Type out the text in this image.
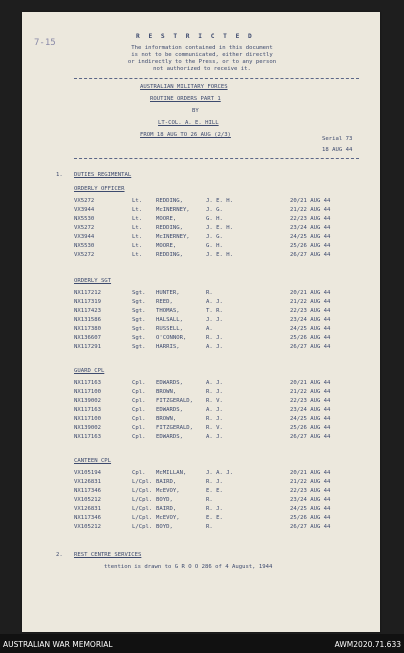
R E S T R I C T E D
The information contained in this document
is not to be communicated, either directly
or indirectly to the Press, or to any person
not authorized to receive it.
7-15
AUSTRALIAN MILITARY FORCES
ROUTINE ORDERS PART 1
BY
LT-COL. A. E. HILL
FROM 18 AUG TO 26 AUG (2/3)
Serial 73
18 AUG 44
1. DUTIES REGIMENTAL
ORDERLY OFFICER
VX5272	Lt. REDDING,	J. E. H.	20/21 AUG 44
VX3944	Lt. McINERNEY,	J. G.	21/22 AUG 44
NX5530	Lt. MOORE,	G. H.	22/23 AUG 44
VX5272	Lt. REDDING,	J. E. H.	23/24 AUG 44
VX3944	Lt. McINERNEY,	J. G.	24/25 AUG 44
NX5530	Lt. MOORE,	G. H.	25/26 AUG 44
VX5272	Lt. REDDING,	J. E. H.	26/27 AUG 44
ORDERLY SGT
NX117212	Sgt. HUNTER,	R.	20/21 AUG 44
NX117319	Sgt. REED,	A. J.	21/22 AUG 44
NX117423	Sgt. THOMAS,	T. R.	22/23 AUG 44
NX131586	Sgt. HALSALL,	J. J.	23/24 AUG 44
NX117380	Sgt. RUSSELL,	A.	24/25 AUG 44
NX136607	Sgt. O'CONNOR,	R. J.	25/26 AUG 44
NX117291	Sgt. HARRIS,	A. J.	26/27 AUG 44
GUARD CPL
NX117163	Cpl. EDWARDS,	A. J.	20/21 AUG 44
NX117100	Cpl. BROWN,	R. J.	21/22 AUG 44
NX139002	Cpl. FITZGERALD, R. V.	22/23 AUG 44
NX117163	Cpl. EDWARDS,	A. J.	23/24 AUG 44
NX117100	Cpl. BROWN,	R. J.	24/25 AUG 44
NX139002	Cpl. FITZGERALD, R. V.	25/26 AUG 44
NX117163	Cpl. EDWARDS,	A. J.	26/27 AUG 44
CANTEEN CPL
VX105194	Cpl. McMILLAN,	J. A. J.	20/21 AUG 44
VX126831	L/Cpl. BAIRD,	R. J.	21/22 AUG 44
NX117346	L/Cpl. McEVOY,	E. E.	22/23 AUG 44
VX105212	L/Cpl. BOYD,	R.	23/24 AUG 44
VX126831	L/Cpl. BAIRD,	R. J.	24/25 AUG 44
NX117346	L/Cpl. McEVOY,	E. E.	25/26 AUG 44
VX105212	L/Cpl. BOYD,	R.	26/27 AUG 44
2. REST CENTRE SERVICES
ttention is drawn to G R O O 286 of 4 August, 1944
AUSTRALIAN WAR MEMORIAL	AWM2020.71.633
